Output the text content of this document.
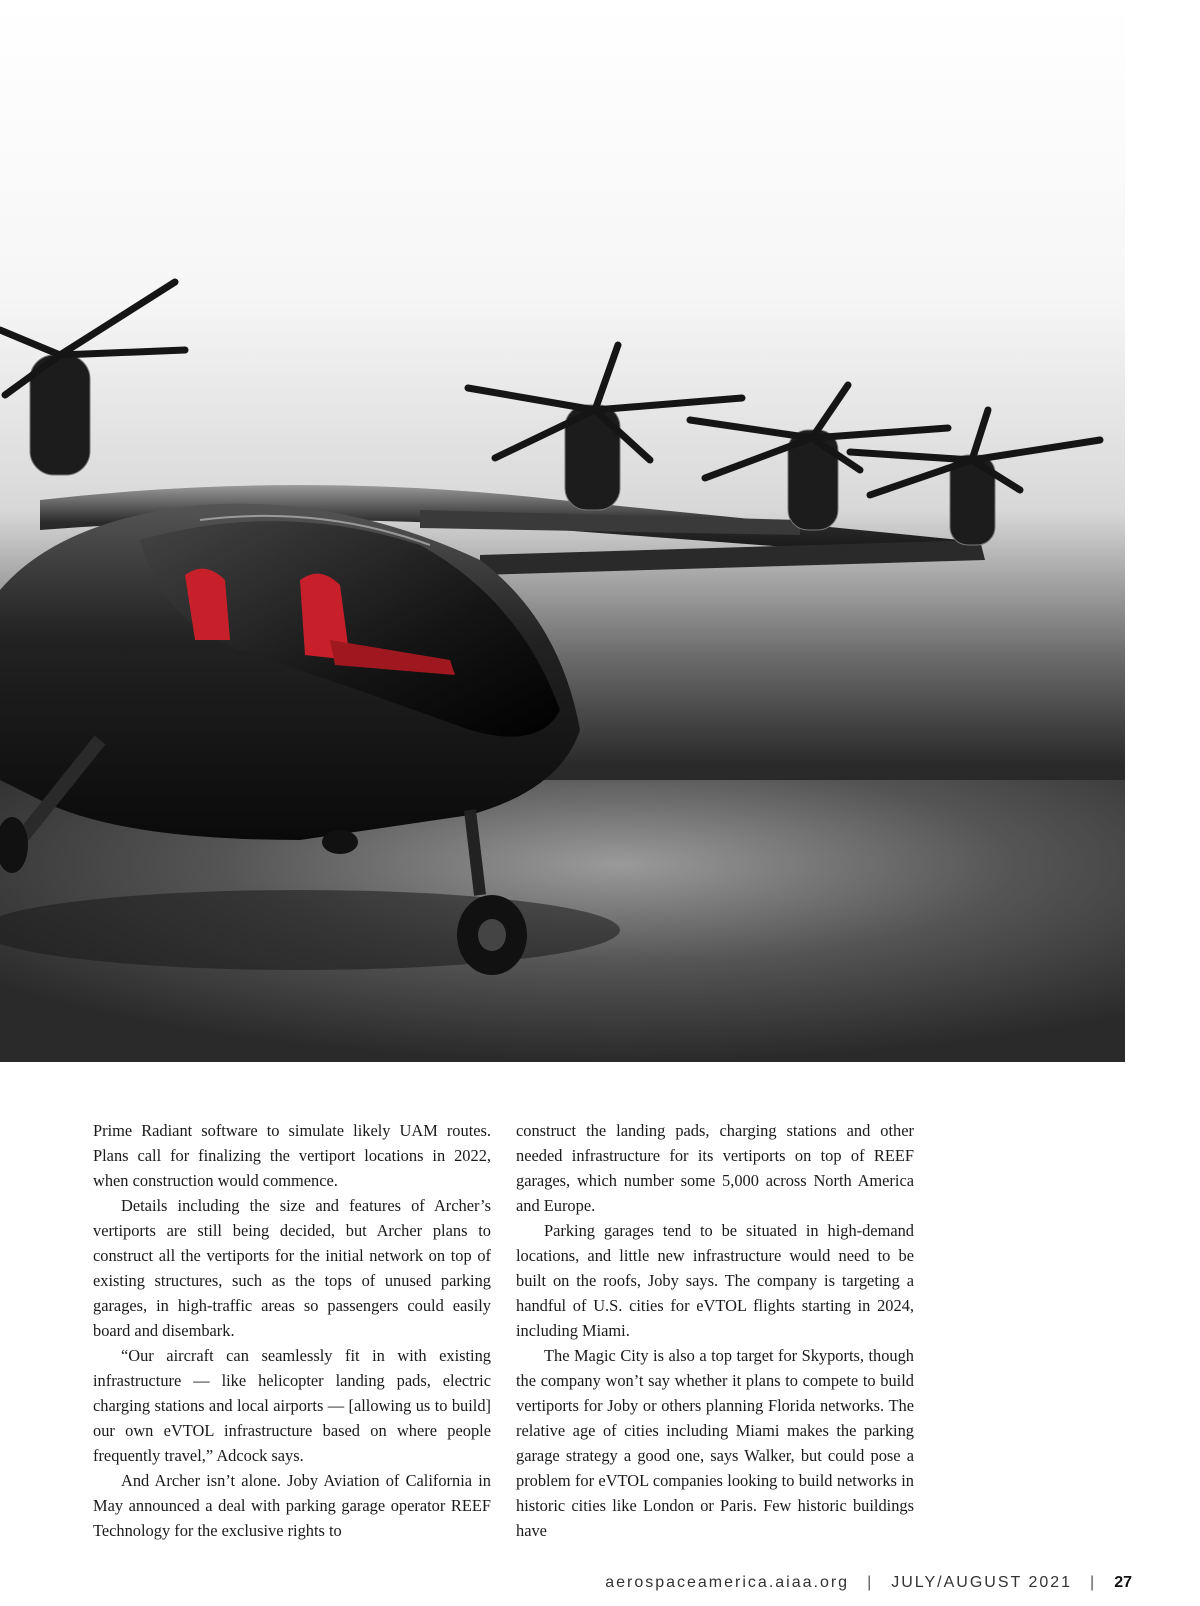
Prime Radiant software to simulate likely UAM routes. Plans call for finalizing the vertiport locations in 2022, when construction would commence.

Details including the size and features of Archer’s vertiports are still being decided, but Archer plans to construct all the vertiports for the initial network on top of existing structures, such as the tops of unused parking garages, in high-traffic areas so passengers could easily board and disembark.

“Our aircraft can seamlessly fit in with existing infrastructure — like helicopter landing pads, electric charging stations and local airports — [allowing us to build] our own eVTOL infrastructure based on where people frequently travel,” Adcock says.

And Archer isn’t alone. Joby Aviation of California in May announced a deal with parking garage operator REEF Technology for the exclusive rights to

construct the landing pads, charging stations and other needed infrastructure for its vertiports on top of REEF garages, which number some 5,000 across North America and Europe.

Parking garages tend to be situated in high-demand locations, and little new infrastructure would need to be built on the roofs, Joby says. The company is targeting a handful of U.S. cities for eVTOL flights starting in 2024, including Miami.

The Magic City is also a top target for Skyports, though the company won’t say whether it plans to compete to build vertiports for Joby or others planning Florida networks. The relative age of cities including Miami makes the parking garage strategy a good one, says Walker, but could pose a problem for eVTOL companies looking to build networks in historic cities like London or Paris. Few historic buildings have

aerospaceamerica.aiaa.org | JULY/AUGUST 2021 | 27
